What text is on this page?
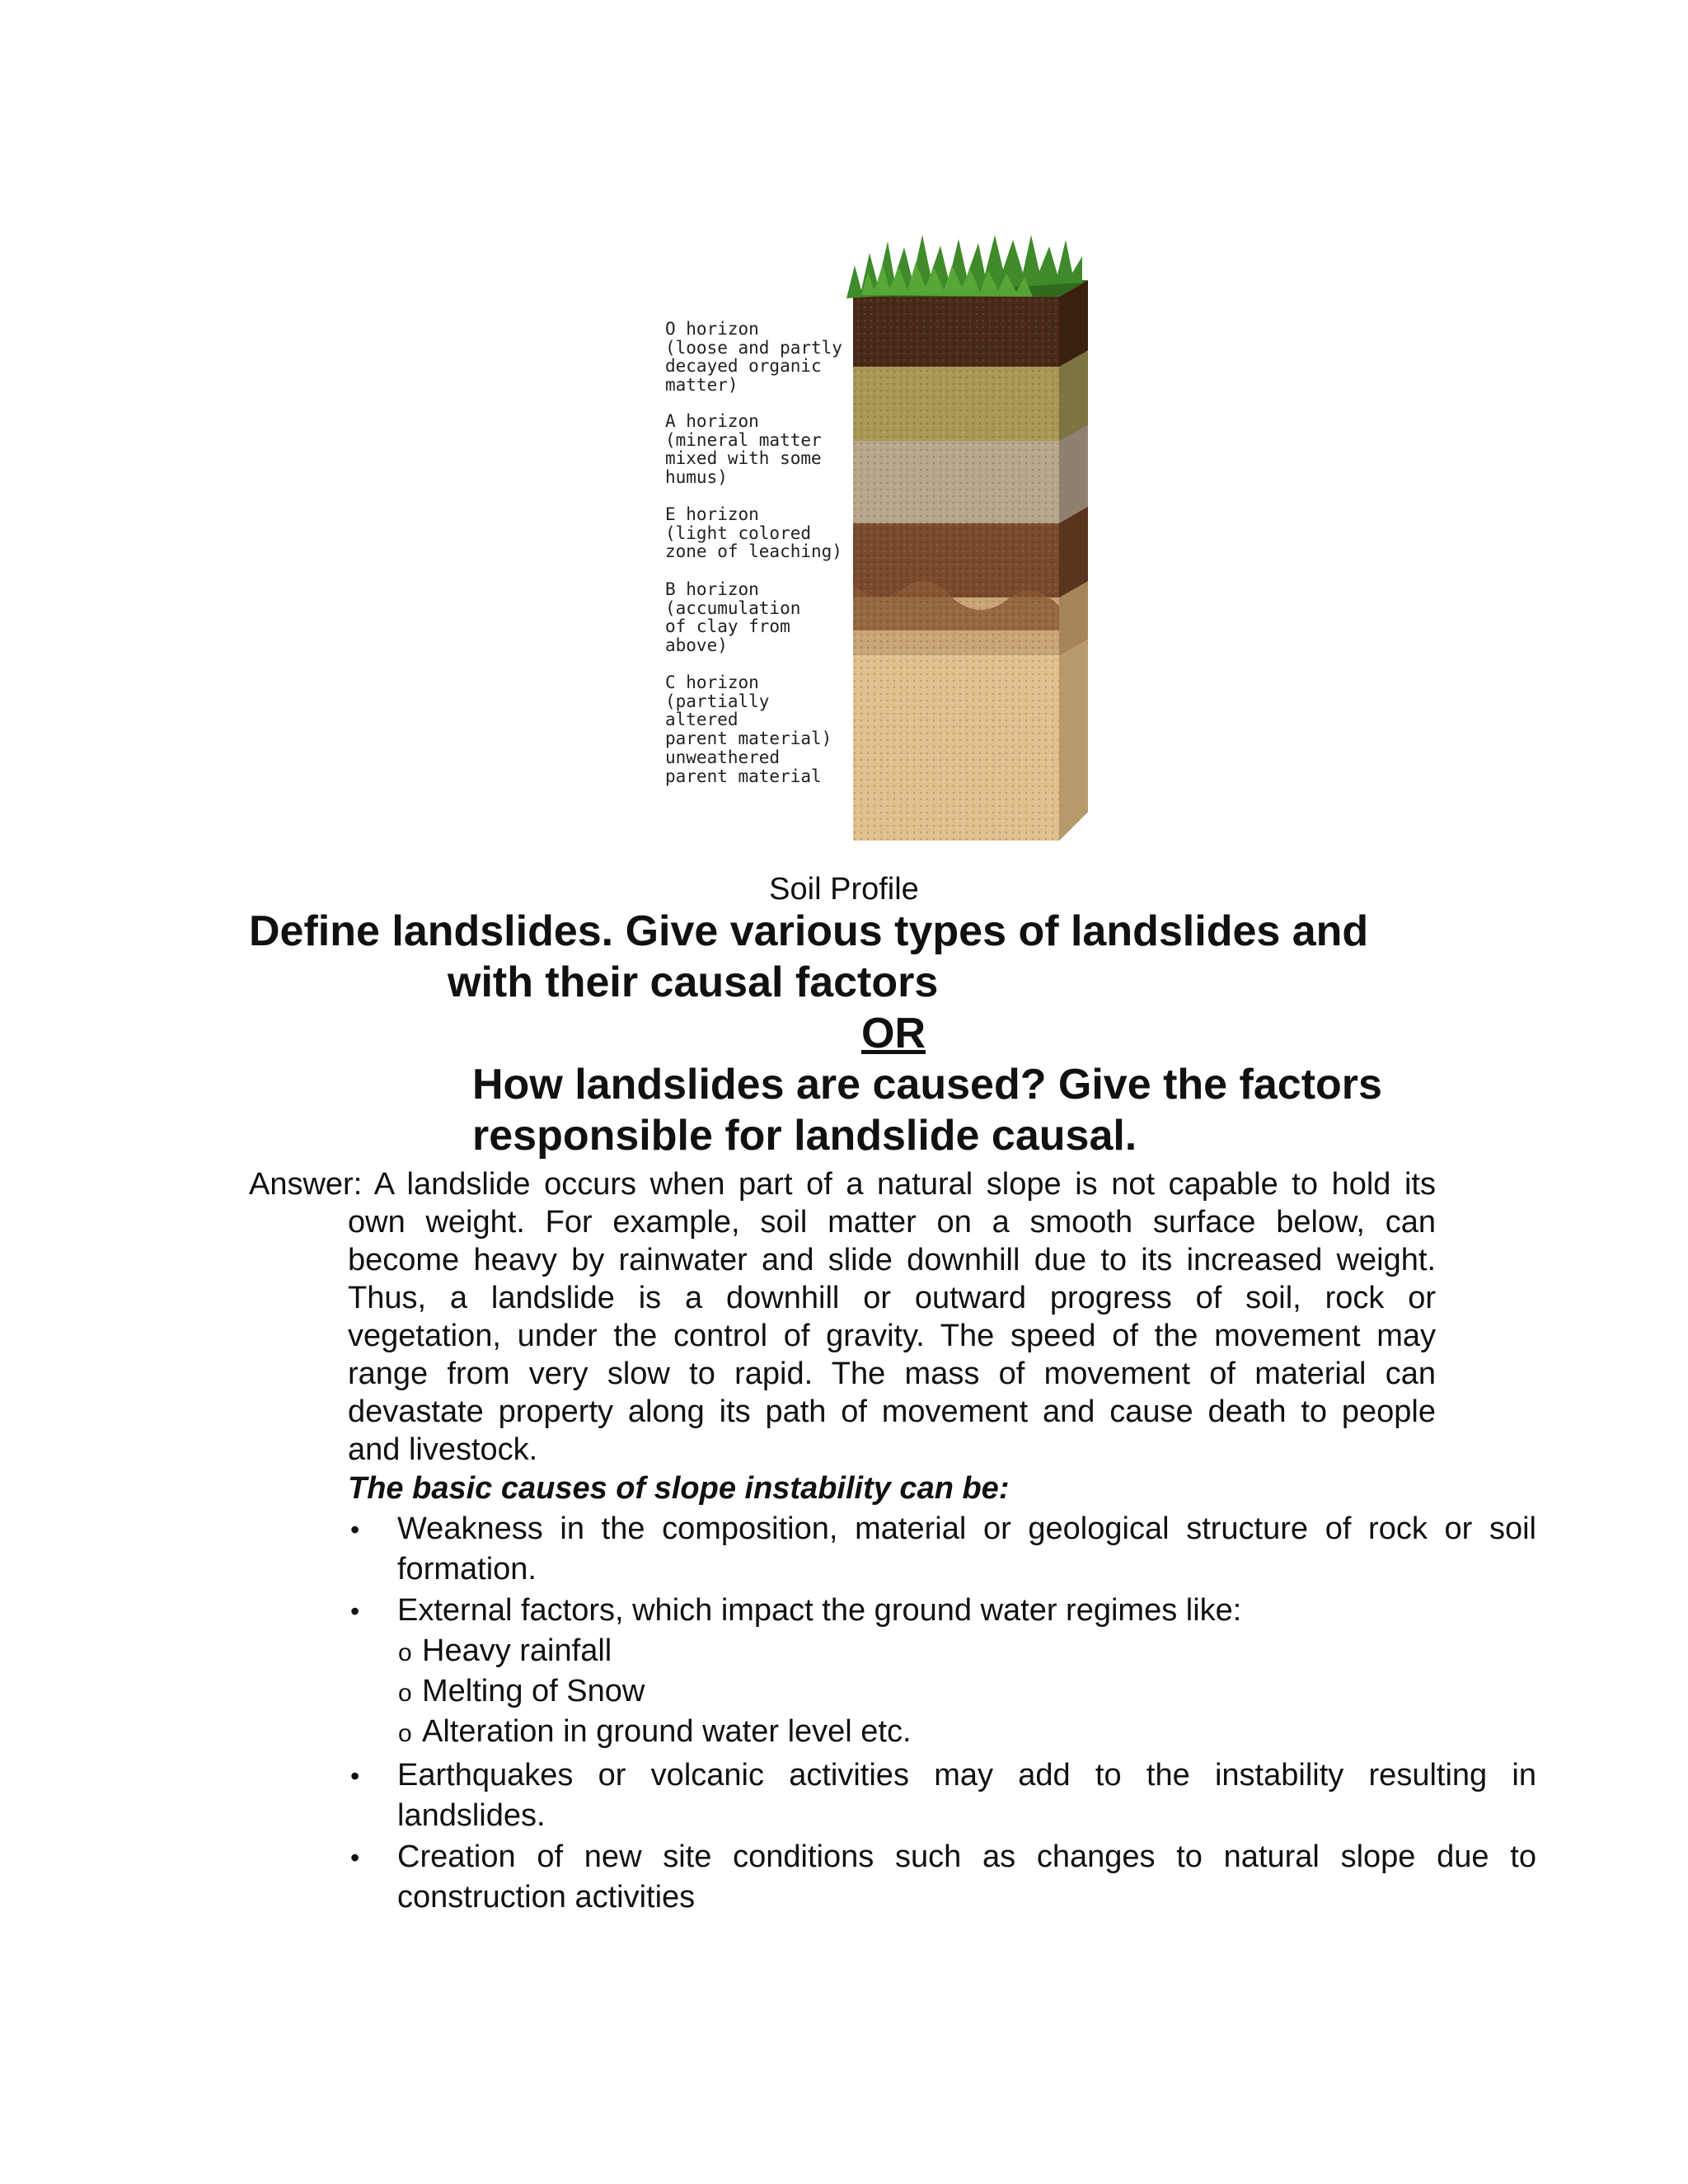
O horizon
(loose and partly
decayed organic
matter)
A horizon
(mineral matter
mixed with some
humus)
E horizon
(light colored
zone of leaching)
B horizon
(accumulation
of clay from
above)
C horizon
(partially altered
parent material)
unweathered
parent material
Soil Profile
Define landslides. Give various types of landslides and
with their causal factors
OR
How landslides are caused? Give the factors
responsible for landslide causal.
Answer: A landslide occurs when part of a natural slope is not capable to hold its
own weight. For example, soil matter on a smooth surface below, can
become heavy by rainwater and slide downhill due to its increased weight.
Thus, a landslide is a downhill or outward progress of soil, rock or
vegetation, under the control of gravity. The speed of the movement may
range from very slow to rapid. The mass of movement of material can
devastate property along its path of movement and cause death to people
and livestock.
The basic causes of slope instability can be:
• Weakness in the composition, material or geological structure of rock or soil
formation.
• External factors, which impact the ground water regimes like:
o Heavy rainfall
o Melting of Snow
o Alteration in ground water level etc.
• Earthquakes or volcanic activities may add to the instability resulting in
landslides.
• Creation of new site conditions such as changes to natural slope due to
construction activities
